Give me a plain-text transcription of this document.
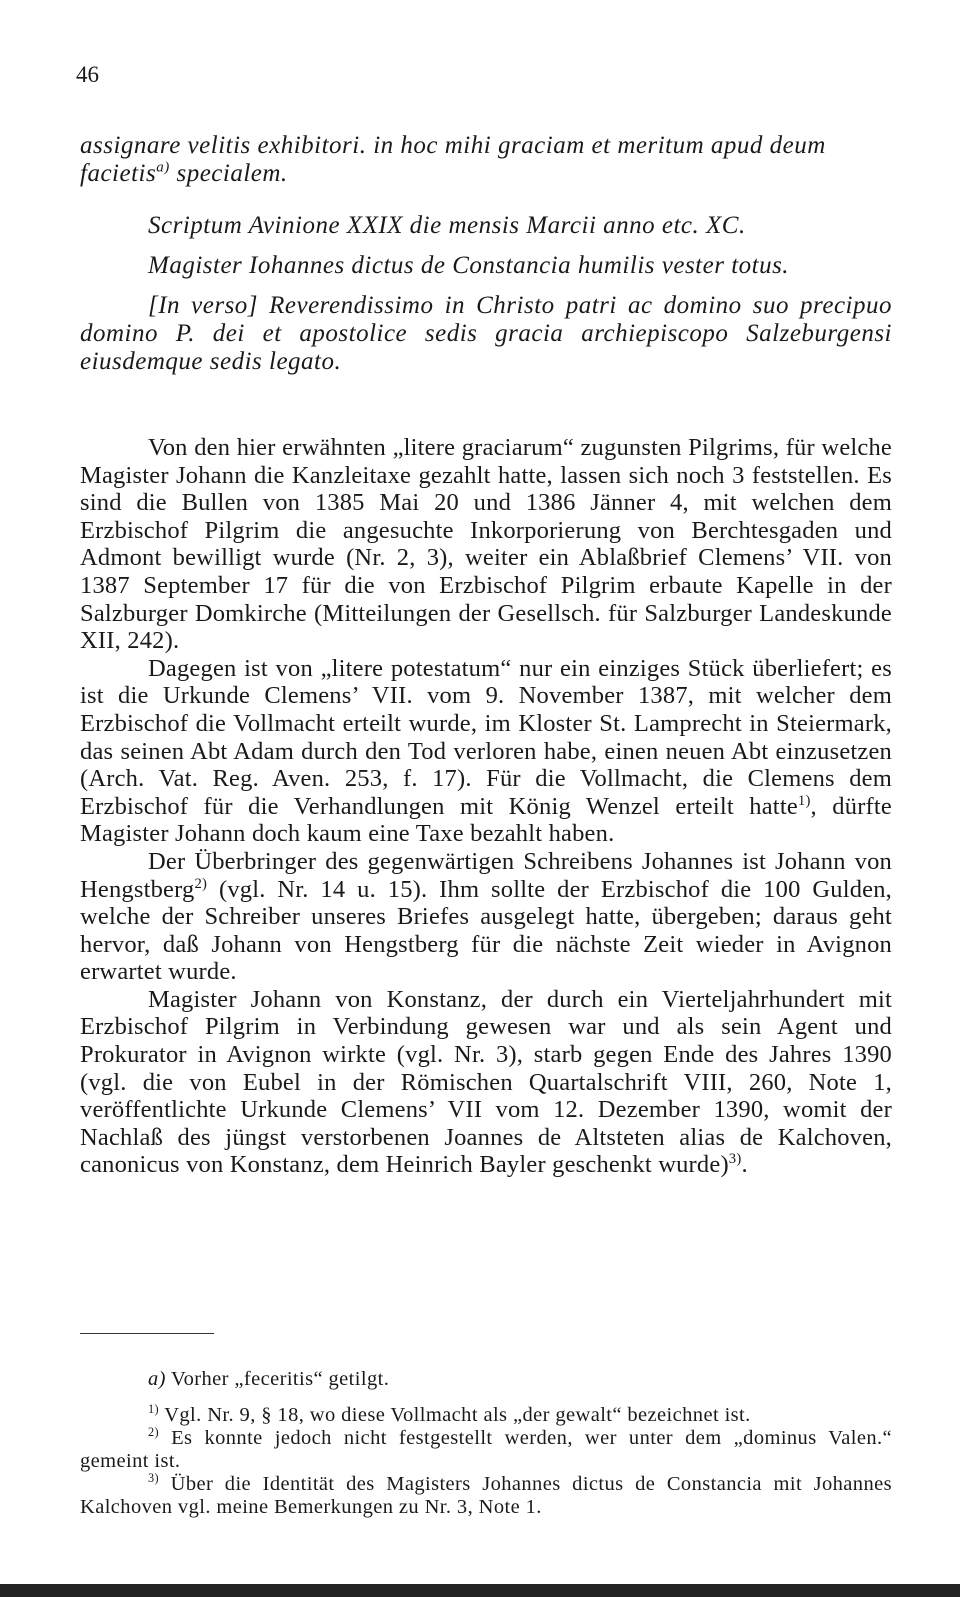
46

assignare velitis exhibitori. in hoc mihi graciam et meritum apud deum

facietis$^{a)}$ specialem.

Scriptum Avinione XXIX die mensis Marcii anno etc. XC.

Magister Iohannes dictus de Constancia humilis vester totus.

[In verso] Reverendissimo in Christo patri ac domino suo precipuo domino P. dei et apostolice sedis gracia archiepiscopo Salzeburgensi eiusdemque sedis legato.

Von den hier erwähnten „litere graciarum“ zugunsten Pilgrims, für welche Magister Johann die Kanzleitaxe gezahlt hatte, lassen sich noch 3 feststellen. Es sind die Bullen von 1385 Mai 20 und 1386 Jänner 4, mit welchen dem Erzbischof Pilgrim die angesuchte Inkorporierung von Berchtesgaden und Admont bewilligt wurde (Nr. 2, 3), weiter ein Ablaßbrief Clemens’ VII. von 1387 September 17 für die von Erzbischof Pilgrim erbaute Kapelle in der Salzburger Domkirche (Mitteilungen der Gesellsch. für Salzburger Landeskunde XII, 242).

Dagegen ist von „litere potestatum“ nur ein einziges Stück überliefert; es ist die Urkunde Clemens’ VII. vom 9. November 1387, mit welcher dem Erzbischof die Vollmacht erteilt wurde, im Kloster St. Lamprecht in Steiermark, das seinen Abt Adam durch den Tod verloren habe, einen neuen Abt einzusetzen (Arch. Vat. Reg. Aven. 253, f. 17). Für die Vollmacht, die Clemens dem Erzbischof für die Verhandlungen mit König Wenzel erteilt hatte$^{1)}$, dürfte Magister Johann doch kaum eine Taxe bezahlt haben.

Der Überbringer des gegenwärtigen Schreibens Johannes ist Johann von Hengstberg$^{2)}$ (vgl. Nr. 14 u. 15). Ihm sollte der Erzbischof die 100 Gulden, welche der Schreiber unseres Briefes ausgelegt hatte, übergeben; daraus geht hervor, daß Johann von Hengstberg für die nächste Zeit wieder in Avignon erwartet wurde.

Magister Johann von Konstanz, der durch ein Vierteljahrhundert mit Erzbischof Pilgrim in Verbindung gewesen war und als sein Agent und Prokurator in Avignon wirkte (vgl. Nr. 3), starb gegen Ende des Jahres 1390 (vgl. die von Eubel in der Römischen Quartalschrift VIII, 260, Note 1, veröffentlichte Urkunde Clemens’ VII vom 12. Dezember 1390, womit der Nachlaß des jüngst verstorbenen Joannes de Altsteten alias de Kalchoven, canonicus von Konstanz, dem Heinrich Bayler geschenkt wurde)$^{3)}$.

a) Vorher „feceritis“ getilgt.

$^{1)}$ Vgl. Nr. 9, § 18, wo diese Vollmacht als „der gewalt“ bezeichnet ist.

$^{2)}$ Es konnte jedoch nicht festgestellt werden, wer unter dem „dominus Valen.“ gemeint ist.

$^{3)}$ Über die Identität des Magisters Johannes dictus de Constancia mit Johannes Kalchoven vgl. meine Bemerkungen zu Nr. 3, Note 1.
